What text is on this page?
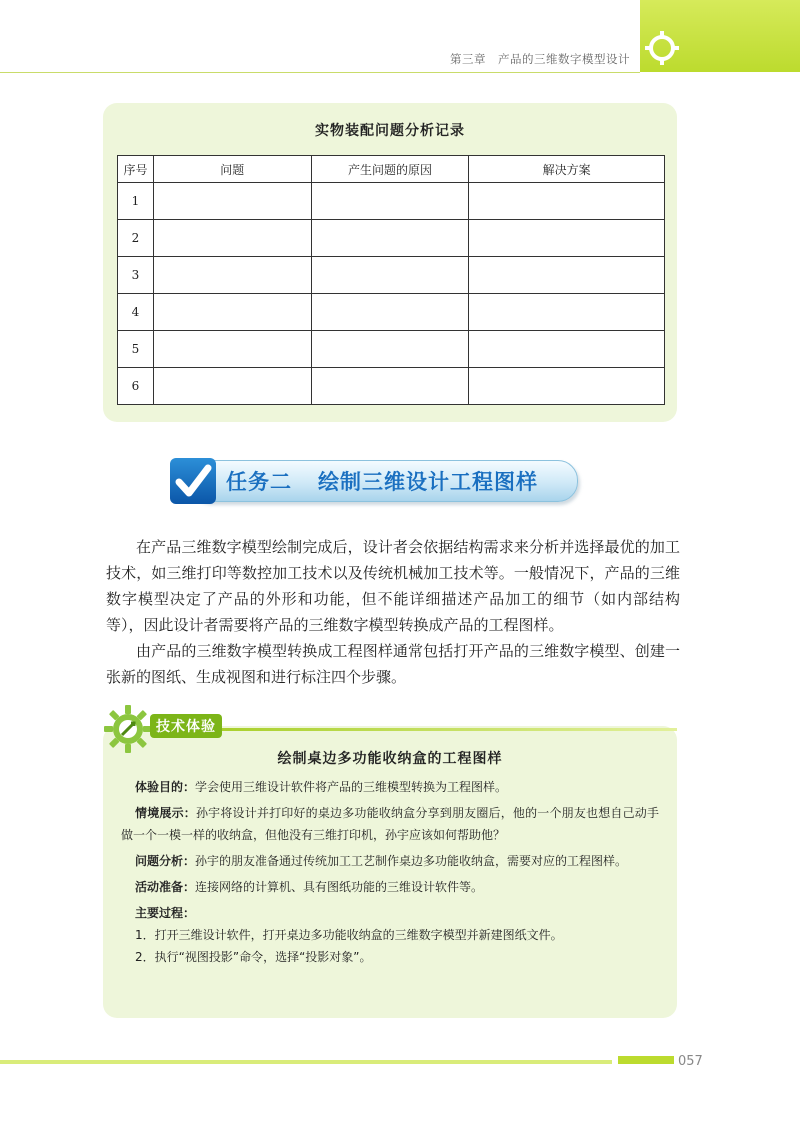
第三章　产品的三维数字模型设计
实物装配问题分析记录
序号	问题	产生问题的原因	解决方案
1			
2			
3			
4			
5			
6			
任务二 绘制三维设计工程图样

在产品三维数字模型绘制完成后，设计者会依据结构需求来分析并选择最优的加工技术，如三维打印等数控加工技术以及传统机械加工技术等。一般情况下，产品的三维数字模型决定了产品的外形和功能，但不能详细描述产品加工的细节（如内部结构等），因此设计者需要将产品的三维数字模型转换成产品的工程图样。

由产品的三维数字模型转换成工程图样通常包括打开产品的三维数字模型、创建一张新的图纸、生成视图和进行标注四个步骤。

绘制桌边多功能收纳盒的工程图样

体验目的：学会使用三维设计软件将产品的三维模型转换为工程图样。

情境展示：孙宇将设计并打印好的桌边多功能收纳盒分享到朋友圈后，他的一个朋友也想自己动手做一个一模一样的收纳盒，但他没有三维打印机，孙宇应该如何帮助他？

问题分析：孙宇的朋友准备通过传统加工工艺制作桌边多功能收纳盒，需要对应的工程图样。

活动准备：连接网络的计算机、具有图纸功能的三维设计软件等。

主要过程：

1．打开三维设计软件，打开桌边多功能收纳盒的三维数字模型并新建图纸文件。

2．执行“视图投影”命令，选择“投影对象”。

技术体验
057
